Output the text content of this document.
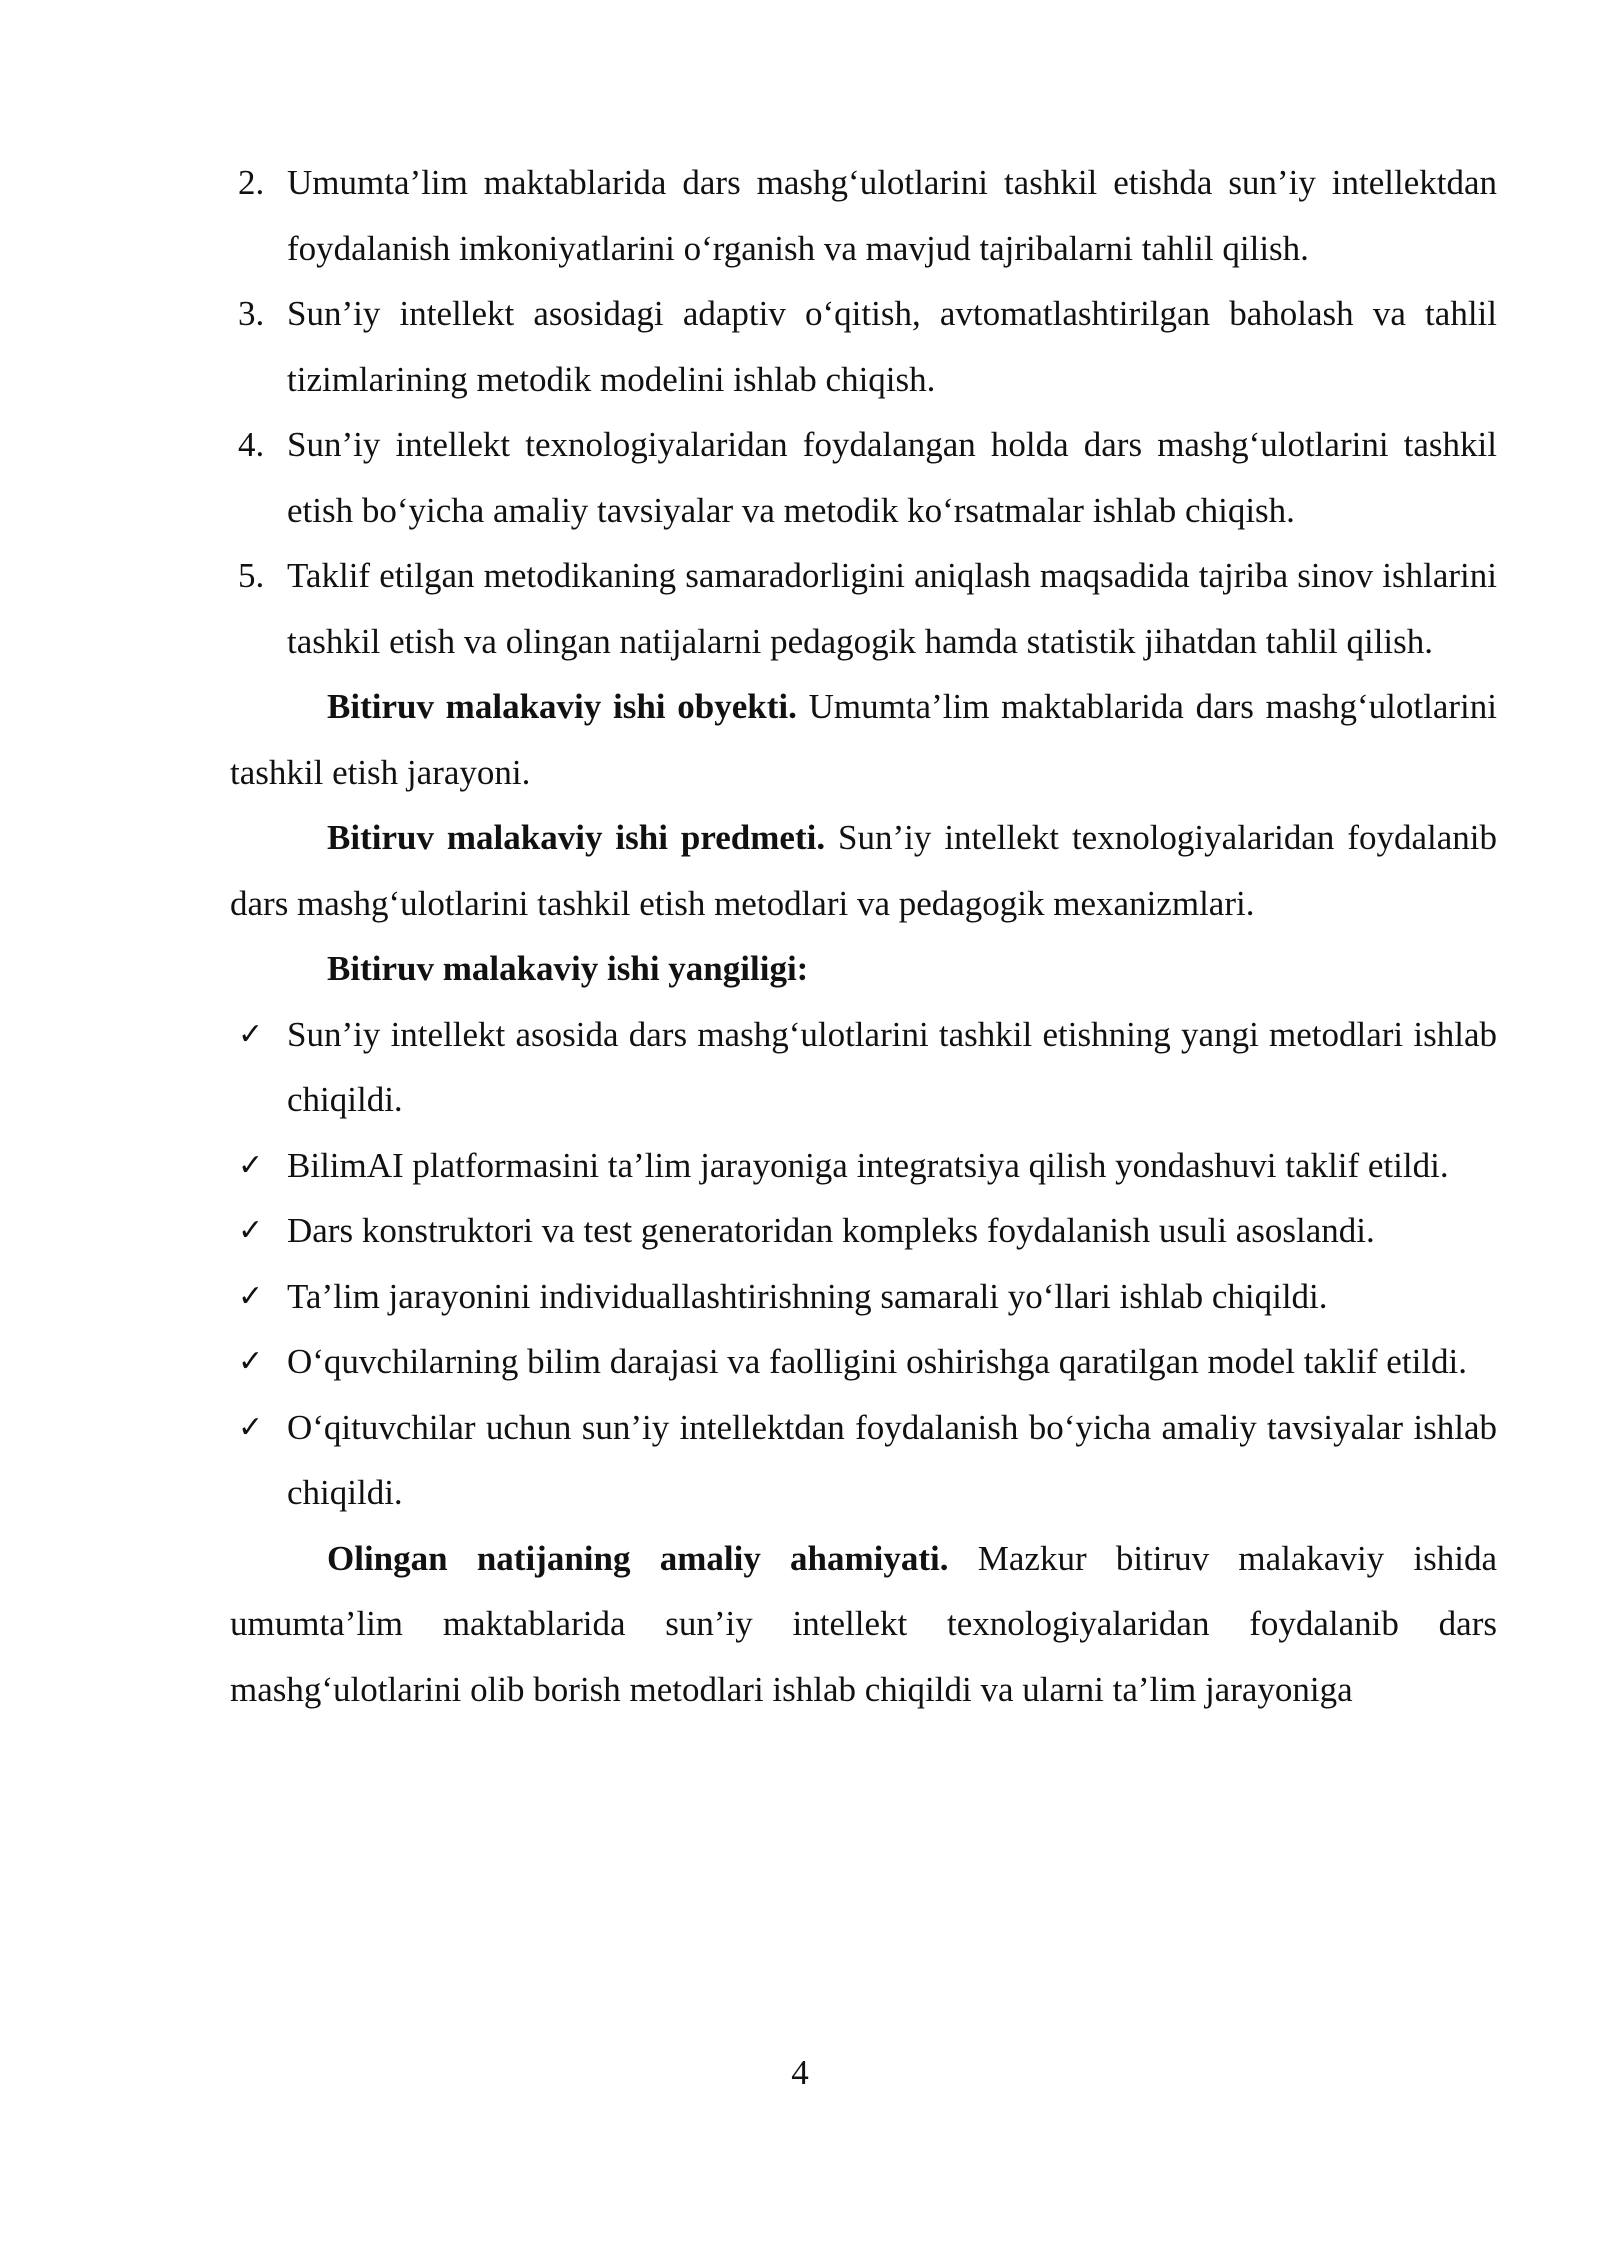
2. Umumta’lim maktablarida dars mashg‘ulotlarini tashkil etishda sun’iy intellektdan foydalanish imkoniyatlarini o‘rganish va mavjud tajribalarni tahlil qilish.
3. Sun’iy intellekt asosidagi adaptiv o‘qitish, avtomatlashtirilgan baholash va tahlil tizimlarining metodik modelini ishlab chiqish.
4. Sun’iy intellekt texnologiyalaridan foydalangan holda dars mashg‘ulotlarini tashkil etish bo‘yicha amaliy tavsiyalar va metodik ko‘rsatmalar ishlab chiqish.
5. Taklif etilgan metodikaning samaradorligini aniqlash maqsadida tajriba sinov ishlarini tashkil etish va olingan natijalarni pedagogik hamda statistik jihatdan tahlil qilish.

Bitiruv malakaviy ishi obyekti. Umumta’lim maktablarida dars mashg‘ulotlarini tashkil etish jarayoni.

Bitiruv malakaviy ishi predmeti. Sun’iy intellekt texnologiyalaridan foydalanib dars mashg‘ulotlarini tashkil etish metodlari va pedagogik mexanizmlari.

Bitiruv malakaviy ishi yangiligi:

✓ Sun’iy intellekt asosida dars mashg‘ulotlarini tashkil etishning yangi metodlari ishlab chiqildi.
✓ BilimAI platformasini ta’lim jarayoniga integratsiya qilish yondashuvi taklif etildi.
✓ Dars konstruktori va test generatoridan kompleks foydalanish usuli asoslandi.
✓ Ta’lim jarayonini individuallashtirishning samarali yo‘llari ishlab chiqildi.
✓ O‘quvchilarning bilim darajasi va faolligini oshirishga qaratilgan model taklif etildi.
✓ O‘qituvchilar uchun sun’iy intellektdan foydalanish bo‘yicha amaliy tavsiyalar ishlab chiqildi.

Olingan natijaning amaliy ahamiyati. Mazkur bitiruv malakaviy ishida umumta’lim maktablarida sun’iy intellekt texnologiyalaridan foydalanib dars mashg‘ulotlarini olib borish metodlari ishlab chiqildi va ularni ta’lim jarayoniga

4
